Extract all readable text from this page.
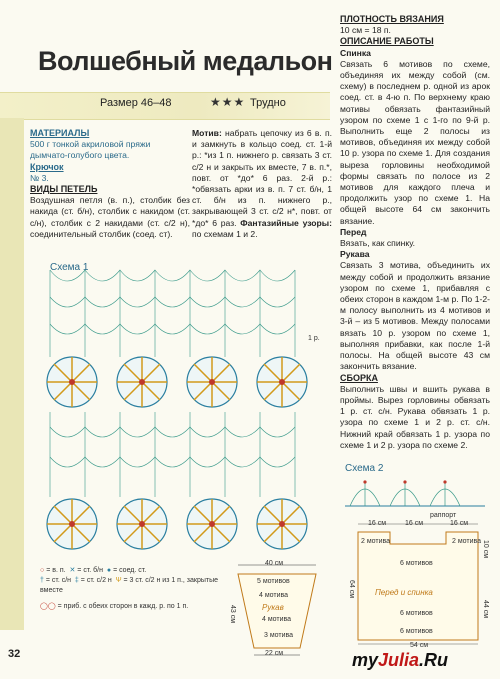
Волшебный медальон
Размер 46–48	★★★ Трудно
МАТЕРИАЛЫ
500 г тонкой акриловой пряжи дымчато-голубого цвета.
Крючок
№ 3.
ВИДЫ ПЕТЕЛЬ
Воздушная петля (в. п.), столбик без накида (ст. б/н), столбик с накидом (ст. с/н), столбик с 2 накидами (ст. с/2 н), соединительный столбик (соед. ст).
Мотив: набрать цепочку из 6 в. п. и замкнуть в кольцо соед. ст. 1-й р.: *из 1 п. нижнего р. связать 3 ст. с/2 н и закрыть их вместе, 7 в. п.*, повт. от *до* 6 раз. 2-й р.: *обвязать арки из в. п. 7 ст. б/н, 1 ст. б/н из п. нижнего р., закрывающей 3 ст. с/2 н*, повт. от *до* 6 раз. Фантазийные узоры: по схемам 1 и 2.
ПЛОТНОСТЬ ВЯЗАНИЯ
10 см = 18 п.
ОПИСАНИЕ РАБОТЫ
Спинка
Связать 6 мотивов по схеме, объединяя их между собой (см. схему) в последнем р. одной из арок соед. ст. в 4-ю п. По верхнему краю мотивы обвязать фантазийный узором по схеме 1 с 1-го по 9-й р. Выполнить еще 2 полосы из мотивов, объединяя их между собой 10 р. узора по схеме 1. Для создания выреза горловины необходимой формы связать по полосе из 2 мотивов для каждого плеча и продолжить узор по схеме 1. На общей высоте 64 см закончить вязание.
Перед
Вязать, как спинку.
Рукава
Связать 3 мотива, объединить их между собой и продолжить вязание узором по схеме 1, прибавляя с обеих сторон в каждом 1-м р. По 1-2-м полосу выполнить из 4 мотивов и 3-й – из 5 мотивов. Между полосами вязать 10 р. узором по схеме 1, выполняя прибавки, как после 1-й полосы. На общей высоте 43 см закончить вязание.
СБОРКА
Выполнить швы и вшить рукава в проймы. Вырез горловины обвязать 1 р. ст. с/н. Рукава обвязать 1 р. узора по схеме 1 и 2 р. ст. с/н. Нижний край обвязать 1 р. узора по схеме 1 и 2 р. узора по схеме 2.
Схема 1
1 р.
○ = в. п. ✕ = ст. б/н ● = соед. ст.
† = ст. с/н ‡ = ст. с/2 н Ψ = 3 ст. с/2 н из 1 п., закрытые вместе
◯◯ = приб. с обеих сторон в кажд. р. по 1 п.
40 см
22 см
43 см
5 мотивов
4 мотива
4 мотива
3 мотива
Рукав
Схема 2
раппорт
16 см	16 см	16 см
2 мотива	2 мотива
6 мотивов
Перед и спинка
6 мотивов
6 мотивов
54 см
64 см
10 см
44 см
32	myJulia.Ru
